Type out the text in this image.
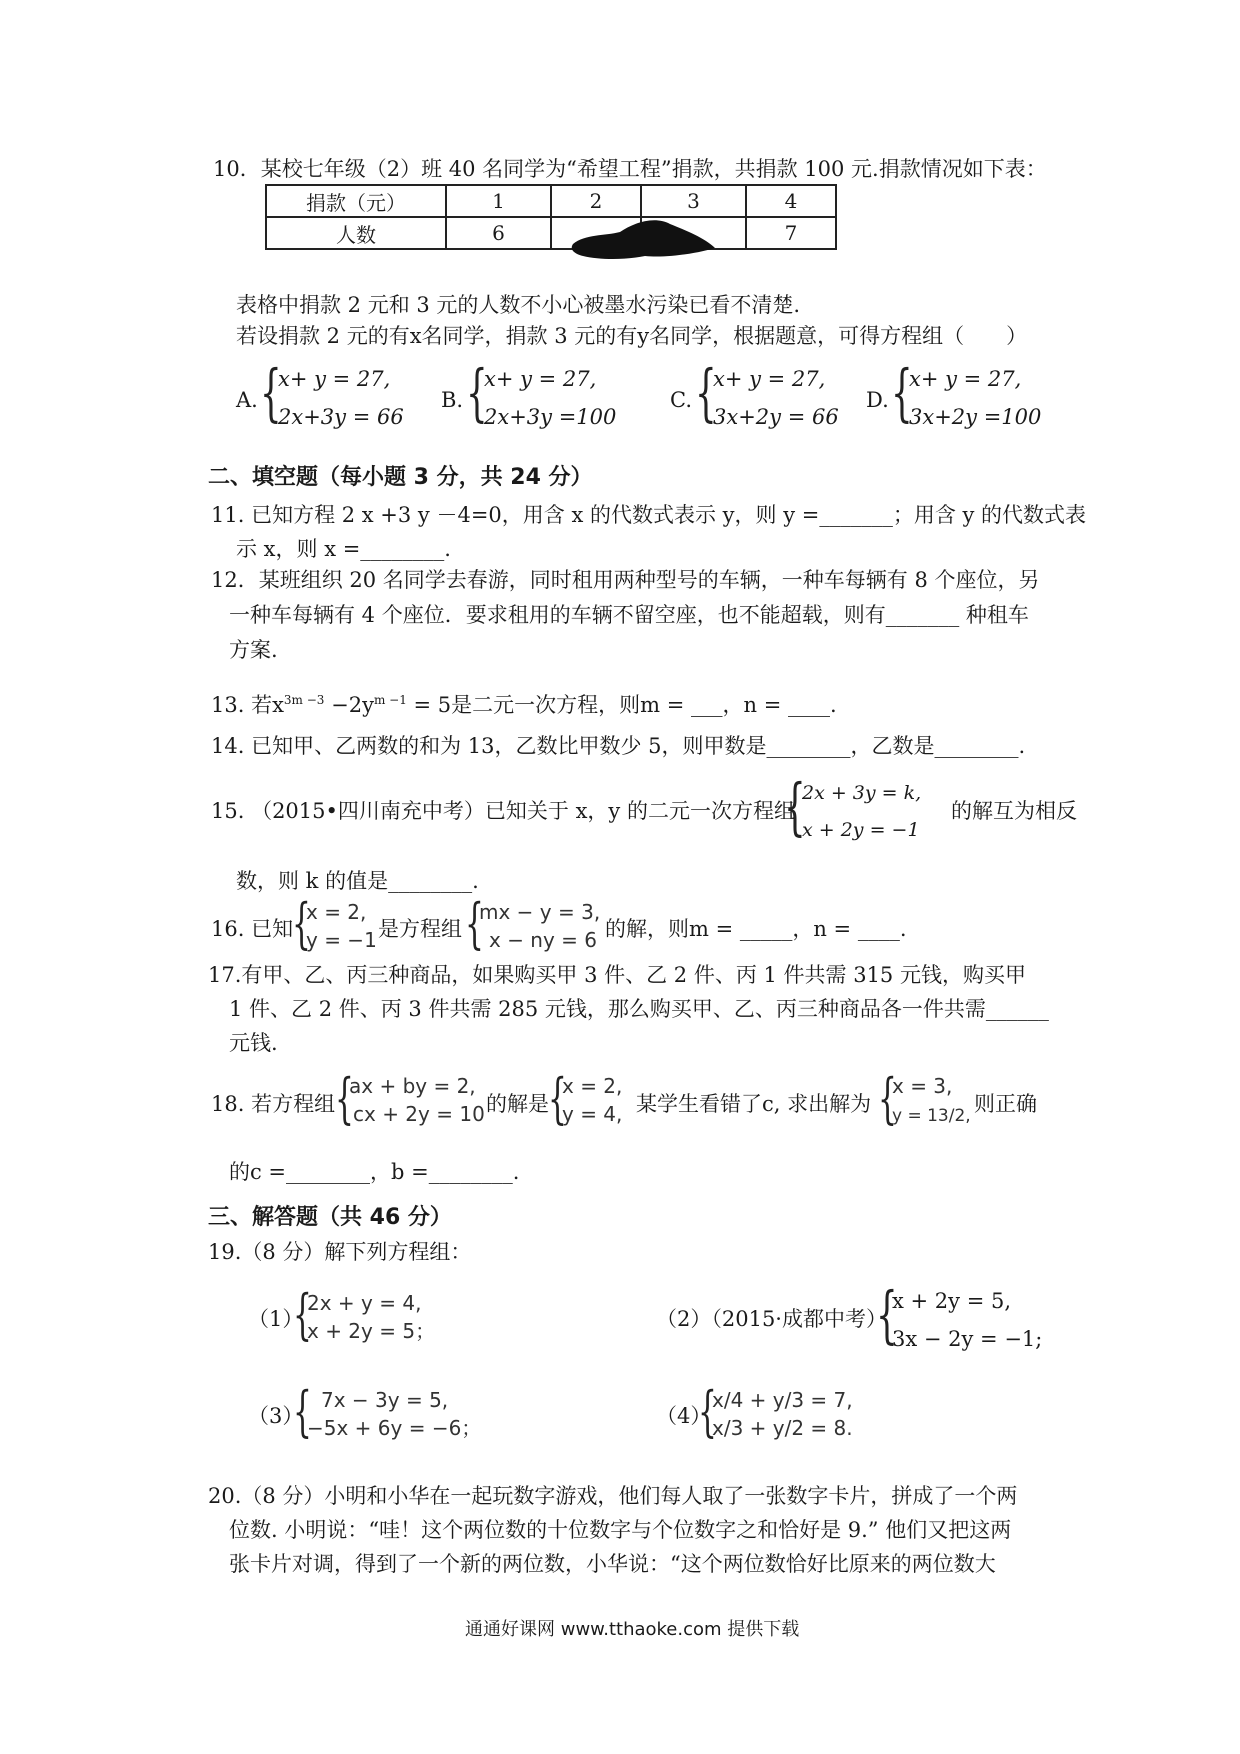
10．某校七年级（2）班 40 名同学为“希望工程”捐款，共捐款 100 元.捐款情况如下表：
捐款（元）	1	2	3	4
人数	6			7
表格中捐款 2 元和 3 元的人数不小心被墨水污染已看不清楚.
若设捐款 2 元的有x名同学，捐款 3 元的有y名同学，根据题意，可得方程组（　　）
A. {
x+ y = 27,
2x+3y = 66
B. {
x+ y = 27,
2x+3y =100
C. {
x+ y = 27,
3x+2y = 66
D. {
x+ y = 27,
3x+2y =100
二、填空题（每小题 3 分，共 24 分）
11. 已知方程 2 x +3 y －4=0，用含 x 的代数式表示 y，则 y =_______；用含 y 的代数式表
示 x，则 x =________.
12．某班组织 20 名同学去春游，同时租用两种型号的车辆，一种车每辆有 8 个座位，另
一种车每辆有 4 个座位．要求租用的车辆不留空座，也不能超载，则有_______ 种租车
方案.
13. 若$x^{3m -3} -2y^{m -1} = 5$是二元一次方程，则m = ___，n = ____.
14. 已知甲、乙两数的和为 13，乙数比甲数少 5，则甲数是________，乙数是________.
15. （2015•四川南充中考）已知关于 x，y 的二元一次方程组
{
2x + 3y = k,
x + 2y = −1
的解互为相反
数，则 k 的值是________.
16. 已知
{
x = 2,
y = −1 是方程组 {
mx − y = 3,
x − ny = 6 的解，则m = _____，n = ____.
17.有甲、乙、丙三种商品，如果购买甲 3 件、乙 2 件、丙 1 件共需 315 元钱，购买甲
1 件、乙 2 件、丙 3 件共需 285 元钱，那么购买甲、乙、丙三种商品各一件共需______
元钱.
18. 若方程组 {
ax + by = 2,
cx + 2y = 10 的解是 {
x = 2,
y = 4, 某学生看错了c, 求出解为 {
x = 3,
y = 13/2, 则正确
的c =________，b =________.
三、解答题（共 46 分）
19.（8 分）解下列方程组：
（1）
{
2x + y = 4,
x + 2y = 5；	（2）（2015·成都中考）
{
x + 2y = 5,
3x − 2y = −1;
（3）
{ 7x − 3y = 5,
−5x + 6y = −6；	（4）
{
x/4 + y/3 = 7,
x/3 + y/2 = 8.
20.（8 分）小明和小华在一起玩数字游戏，他们每人取了一张数字卡片，拼成了一个两
位数. 小明说：“哇！这个两位数的十位数字与个位数字之和恰好是 9.” 他们又把这两
张卡片对调，得到了一个新的两位数，小华说：“这个两位数恰好比原来的两位数大
通通好课网 www.tthaoke.com 提供下载
